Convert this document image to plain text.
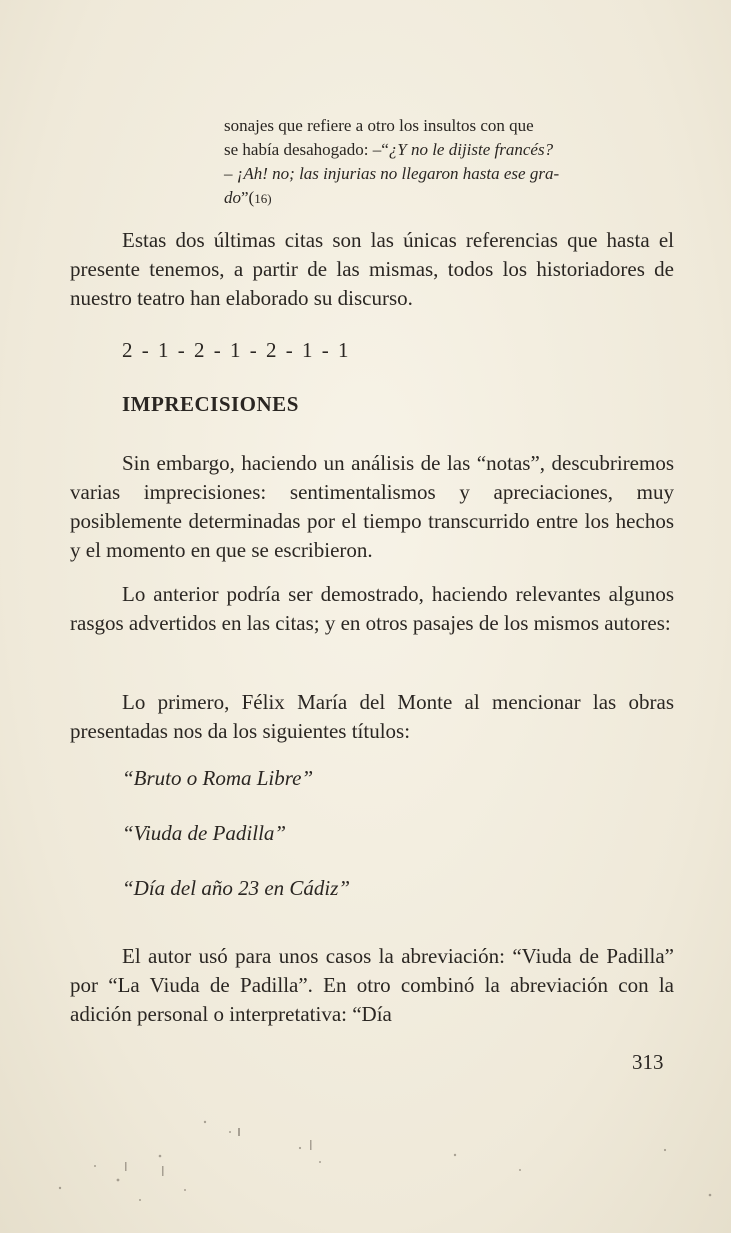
sonajes que refiere a otro los insultos con que
se había desahogado: –“¿Y no le dijiste francés?
– ¡Ah! no; las injurias no llegaron hasta ese gra-
do”(16)

Estas dos últimas citas son las únicas referencias que hasta el presente tenemos, a partir de las mismas, todos los historiadores de nuestro teatro han elaborado su discurso.

2 - 1 - 2 - 1 - 2 - 1 - 1
IMPRECISIONES

Sin embargo, haciendo un análisis de las “notas”, descubriremos varias imprecisiones: sentimentalismos y apreciaciones, muy posiblemente determinadas por el tiempo transcurrido entre los hechos y el momento en que se escribieron.

Lo anterior podría ser demostrado, haciendo relevantes algunos rasgos advertidos en las citas; y en otros pasajes de los mismos autores:

Lo primero, Félix María del Monte al mencionar las obras presentadas nos da los siguientes títulos:

“Bruto o Roma Libre”
“Viuda de Padilla”
“Día del año 23 en Cádiz”

El autor usó para unos casos la abreviación: “Viuda de Padilla” por “La Viuda de Padilla”. En otro combinó la abreviación con la adición personal o interpretativa: “Día

313
